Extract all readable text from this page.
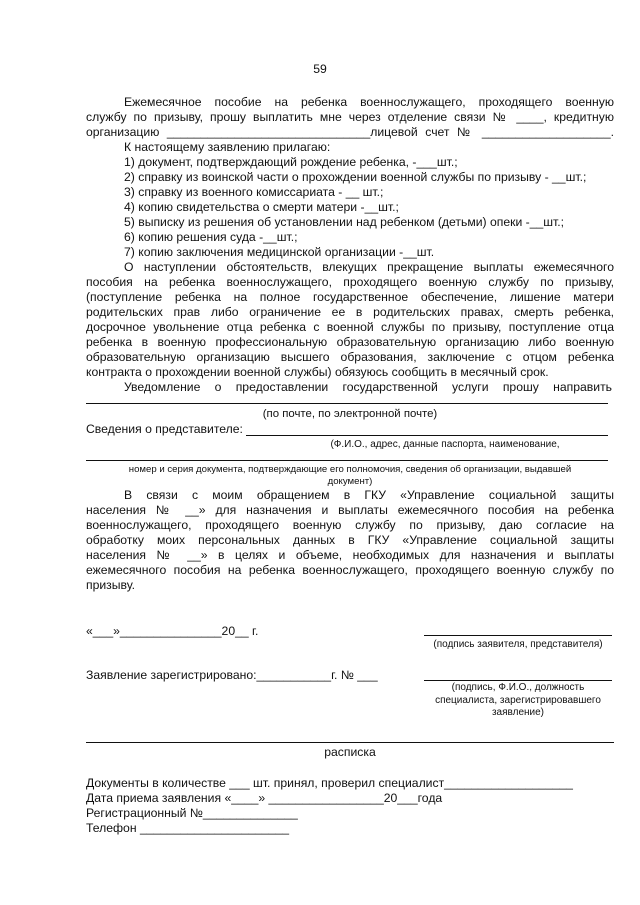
59
Ежемесячное пособие на ребенка военнослужащего, проходящего военную
службу по призыву, прошу выплатить мне через отделение связи № ____, кредитную
организацию ______________________________лицевой счет № ___________________.
К настоящему заявлению прилагаю:
1) документ, подтверждающий рождение ребенка, -___шт.;
2) справку из воинской части о прохождении военной службы по призыву - __шт.;
3) справку из военного комиссариата - __ шт.;
4) копию свидетельства о смерти матери -__шт.;
5) выписку из решения об установлении над ребенком (детьми) опеки -__шт.;
6) копию решения суда -__шт.;
7) копию заключения медицинской организации -__шт.
О наступлении обстоятельств, влекущих прекращение выплаты ежемесячного
пособия на ребенка военнослужащего, проходящего военную службу по призыву,
(поступление ребенка на полное государственное обеспечение, лишение матери
родительских прав либо ограничение ее в родительских правах, смерть ребенка,
досрочное увольнение отца ребенка с военной службы по призыву, поступление отца
ребенка в военную профессиональную образовательную организацию либо военную
образовательную организацию высшего образования, заключение с отцом ребенка
контракта о прохождении военной службы) обязуюсь сообщить в месячный срок.
Уведомление о предоставлении государственной услуги прошу направить
(по почте, по электронной почте)
Сведения о представителе:
(Ф.И.О., адрес, данные паспорта, наименование,
номер и серия документа, подтверждающие его полномочия, сведения об организации, выдавшей
документ)
В связи с моим обращением в ГКУ «Управление социальной защиты
населения № __» для назначения и выплаты ежемесячного пособия на ребенка
военнослужащего, проходящего военную службу по призыву, даю согласие на
обработку моих персональных данных в ГКУ «Управление социальной защиты
населения № __» в целях и объеме, необходимых для назначения и выплаты
ежемесячного пособия на ребенка военнослужащего, проходящего военную службу по
призыву.
«___»_______________20__ г.
(подпись заявителя, представителя)
Заявление зарегистрировано:___________г. № ___
(подпись, Ф.И.О., должность
специалиста, зарегистрировавшего
заявление)
расписка
Документы в количестве ___ шт. принял, проверил специалист___________________
Дата приема заявления «____» _________________20___года
Регистрационный №______________
Телефон ______________________
